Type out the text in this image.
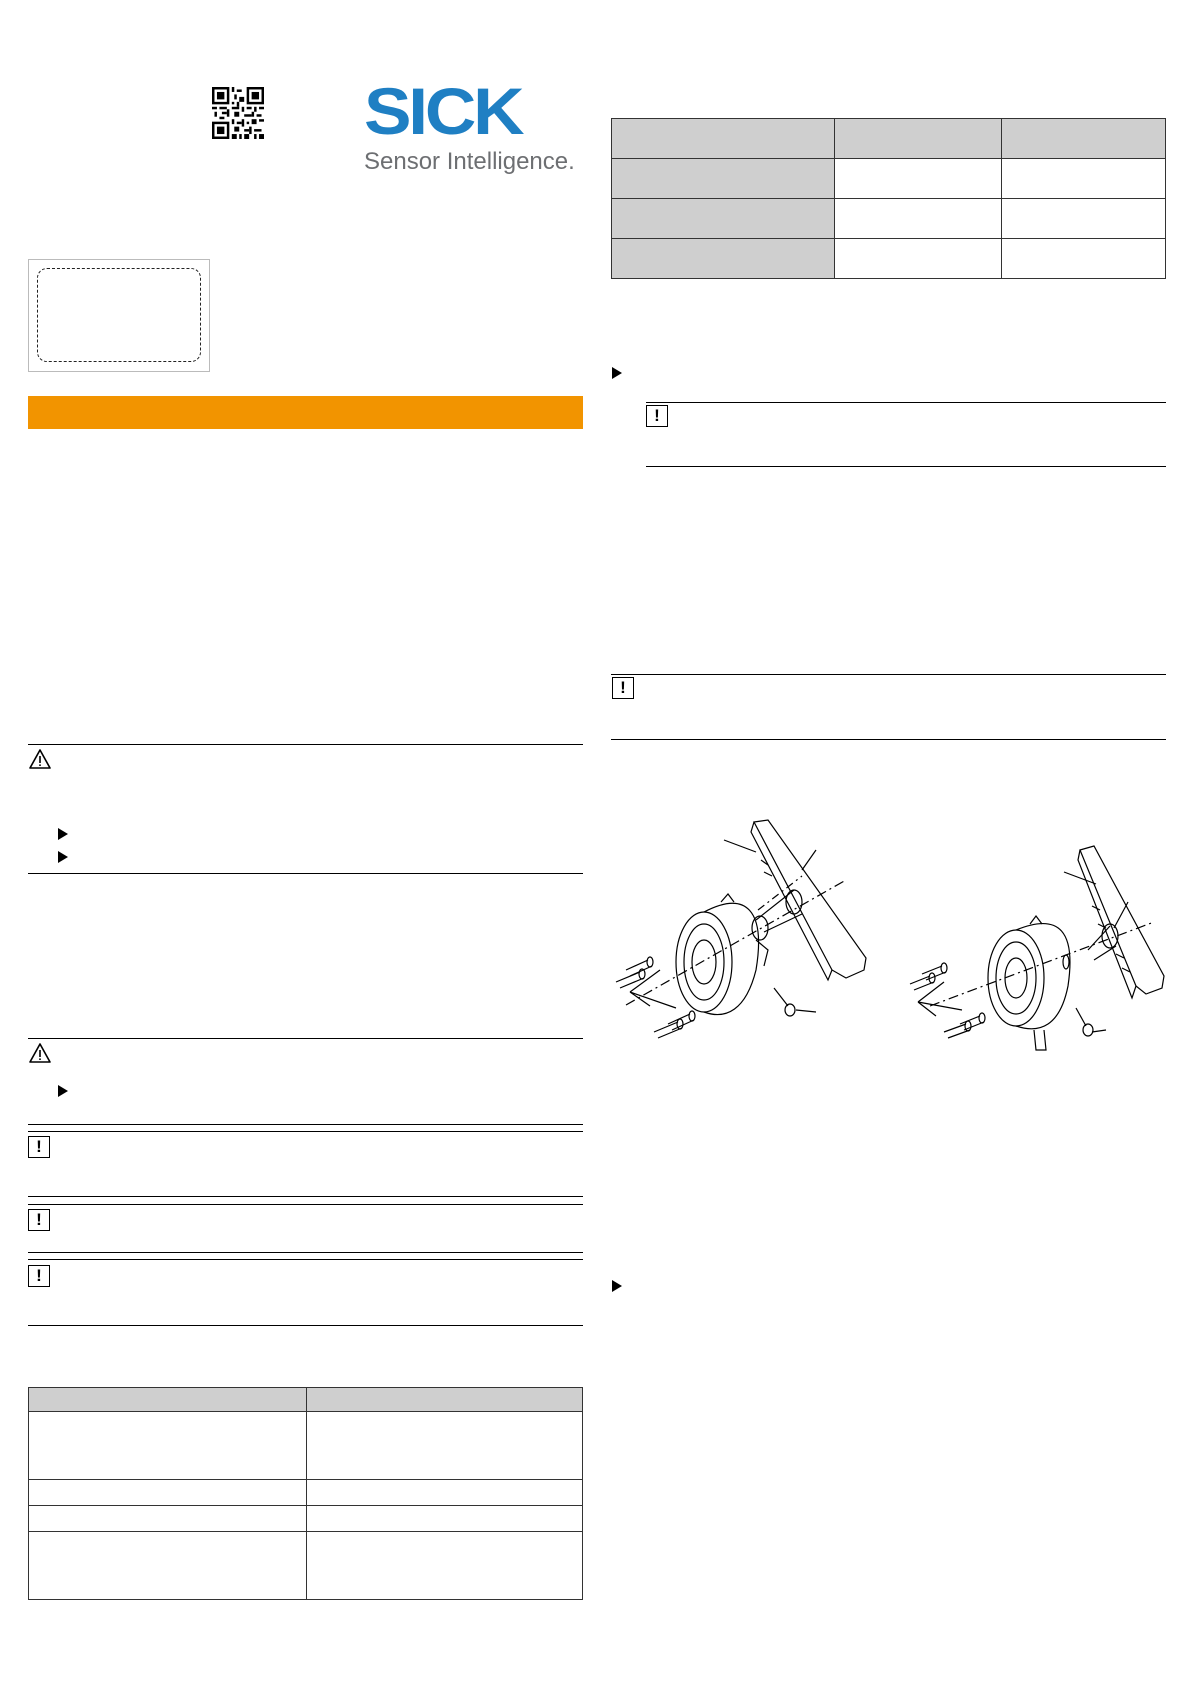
SICK
Sensor Intelligence.
!
!
!

!
!
